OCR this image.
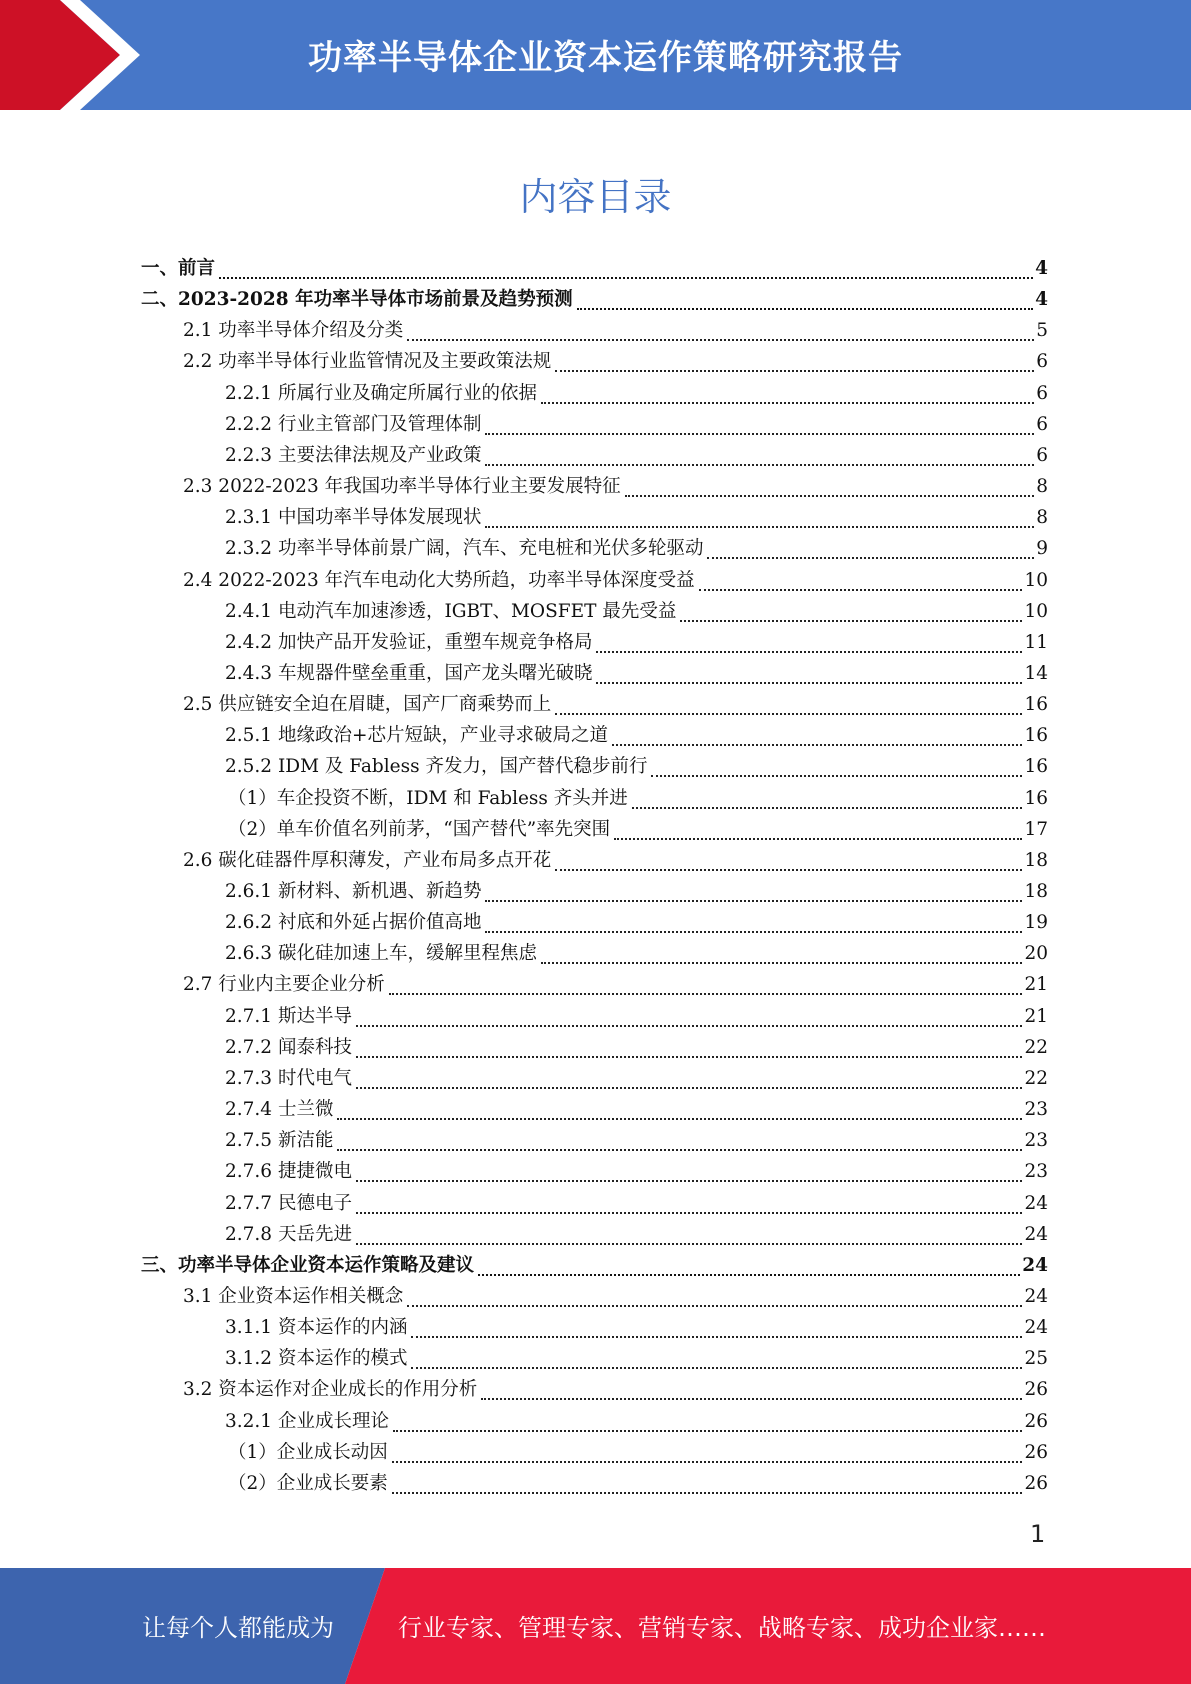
功率半导体企业资本运作策略研究报告
内容目录
一、前言	4
二、2023-2028 年功率半导体市场前景及趋势预测	4
2.1 功率半导体介绍及分类	5
2.2 功率半导体行业监管情况及主要政策法规	6
2.2.1 所属行业及确定所属行业的依据	6
2.2.2 行业主管部门及管理体制	6
2.2.3 主要法律法规及产业政策	6
2.3 2022-2023 年我国功率半导体行业主要发展特征	8
2.3.1 中国功率半导体发展现状	8
2.3.2 功率半导体前景广阔，汽车、充电桩和光伏多轮驱动	9
2.4 2022-2023 年汽车电动化大势所趋，功率半导体深度受益	10
2.4.1 电动汽车加速渗透，IGBT、MOSFET 最先受益	10
2.4.2 加快产品开发验证，重塑车规竞争格局	11
2.4.3 车规器件壁垒重重，国产龙头曙光破晓	14
2.5 供应链安全迫在眉睫，国产厂商乘势而上	16
2.5.1 地缘政治+芯片短缺，产业寻求破局之道	16
2.5.2 IDM 及 Fabless 齐发力，国产替代稳步前行	16
（1）车企投资不断，IDM 和 Fabless 齐头并进	16
（2）单车价值名列前茅，“国产替代”率先突围	17
2.6 碳化硅器件厚积薄发，产业布局多点开花	18
2.6.1 新材料、新机遇、新趋势	18
2.6.2 衬底和外延占据价值高地	19
2.6.3 碳化硅加速上车，缓解里程焦虑	20
2.7 行业内主要企业分析	21
2.7.1 斯达半导	21
2.7.2 闻泰科技	22
2.7.3 时代电气	22
2.7.4 士兰微	23
2.7.5 新洁能	23
2.7.6 捷捷微电	23
2.7.7 民德电子	24
2.7.8 天岳先进	24
三、功率半导体企业资本运作策略及建议	24
3.1 企业资本运作相关概念	24
3.1.1 资本运作的内涵	24
3.1.2 资本运作的模式	25
3.2 资本运作对企业成长的作用分析	26
3.2.1 企业成长理论	26
（1）企业成长动因	26
（2）企业成长要素	26
1
让每个人都能成为	行业专家、管理专家、营销专家、战略专家、成功企业家……
